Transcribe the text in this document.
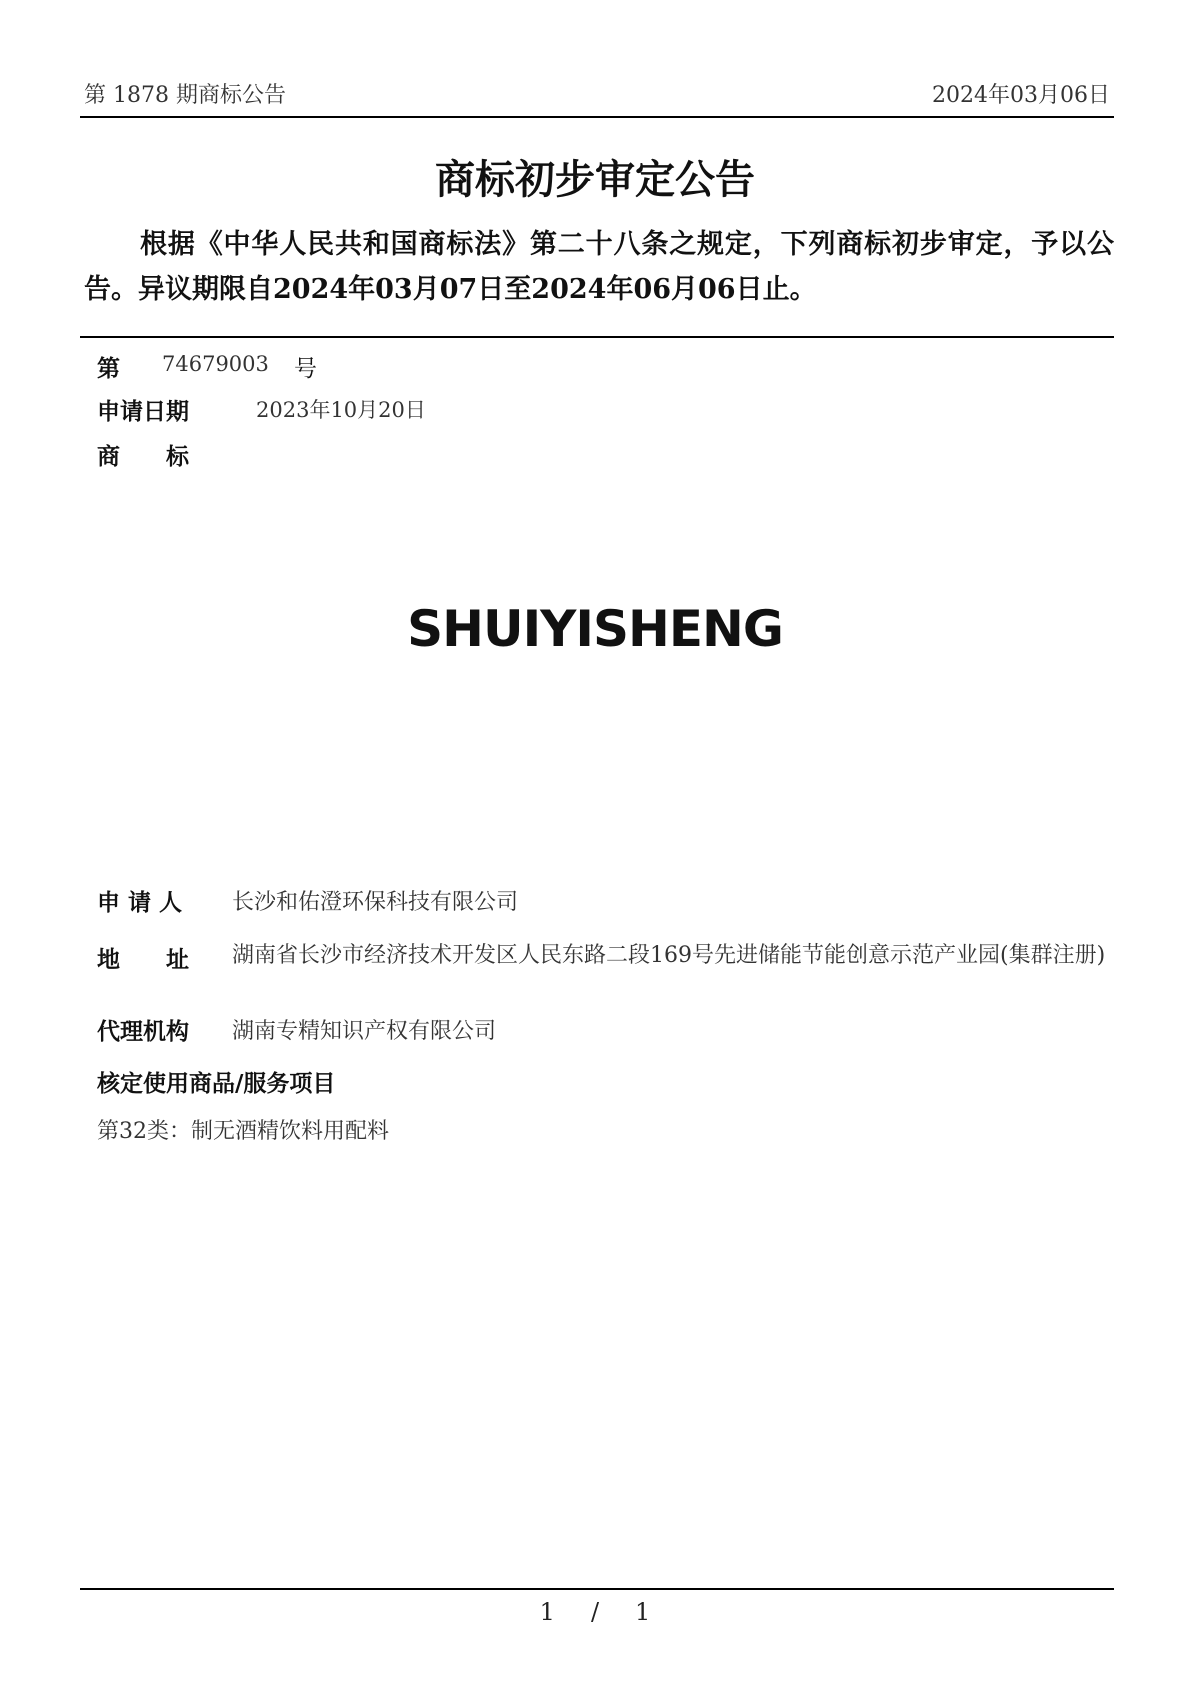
第 1878 期商标公告	2024年03月06日
商标初步审定公告
根据《中华人民共和国商标法》第二十八条之规定，下列商标初步审定，予以公告。异议期限自2024年03月07日至2024年06月06日止。
第 74679003 号
申请日期	2023年10月20日
商　　标
SHUIYISHENG
申 请 人 长沙和佑澄环保科技有限公司
地　　址 湖南省长沙市经济技术开发区人民东路二段169号先进储能节能创意示范产业园(集群注册)
代理机构 湖南专精知识产权有限公司
核定使用商品/服务项目
第32类：制无酒精饮料用配料
1 / 1
